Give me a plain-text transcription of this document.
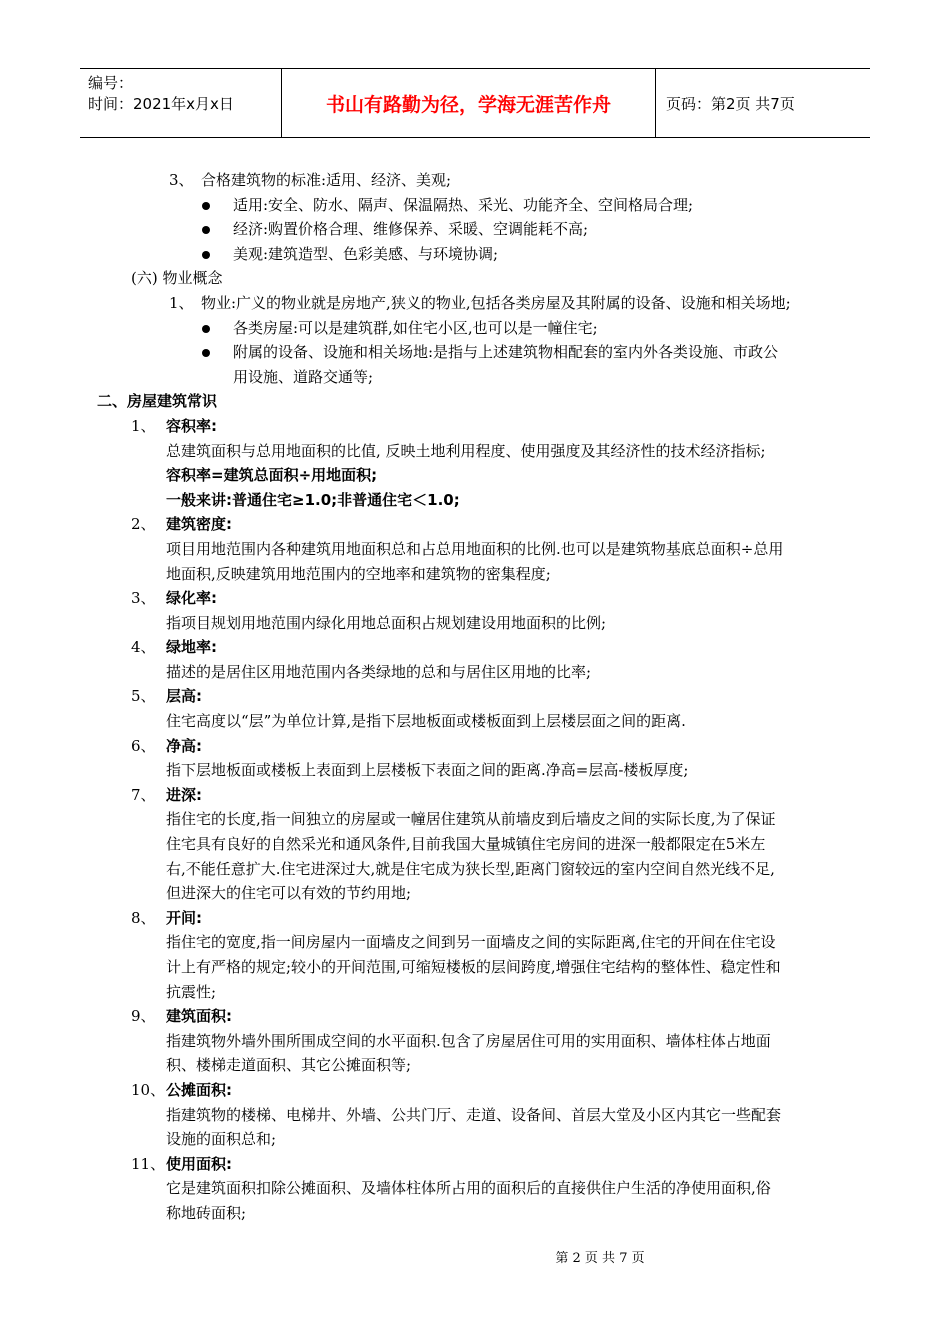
编号：
时间：2021年x月x日	书山有路勤为径，学海无涯苦作舟	页码：第2页 共7页
3、 合格建筑物的标准:适用、经济、美观;
适用:安全、防水、隔声、保温隔热、采光、功能齐全、空间格局合理;
经济:购置价格合理、维修保养、采暖、空调能耗不高;
美观:建筑造型、色彩美感、与环境协调;
(六) 物业概念
1、 物业:广义的物业就是房地产,狭义的物业,包括各类房屋及其附属的设备、设施和相关场地;
各类房屋:可以是建筑群,如住宅小区,也可以是一幢住宅;
附属的设备、设施和相关场地:是指与上述建筑物相配套的室内外各类设施、市政公
用设施、道路交通等;
二、房屋建筑常识
1、 容积率:
总建筑面积与总用地面积的比值, 反映土地利用程度、使用强度及其经济性的技术经济指标;
容积率=建筑总面积÷用地面积;
一般来讲:普通住宅≥1.0;非普通住宅＜1.0;
2、 建筑密度:
项目用地范围内各种建筑用地面积总和占总用地面积的比例.也可以是建筑物基底总面积÷总用
地面积,反映建筑用地范围内的空地率和建筑物的密集程度;
3、 绿化率:
指项目规划用地范围内绿化用地总面积占规划建设用地面积的比例;
4、 绿地率:
描述的是居住区用地范围内各类绿地的总和与居住区用地的比率;
5、 层高:
住宅高度以“层”为单位计算,是指下层地板面或楼板面到上层楼层面之间的距离.
6、 净高:
指下层地板面或楼板上表面到上层楼板下表面之间的距离.净高=层高-楼板厚度;
7、 进深:
指住宅的长度,指一间独立的房屋或一幢居住建筑从前墙皮到后墙皮之间的实际长度,为了保证
住宅具有良好的自然采光和通风条件,目前我国大量城镇住宅房间的进深一般都限定在5米左
右,不能任意扩大.住宅进深过大,就是住宅成为狭长型,距离门窗较远的室内空间自然光线不足,
但进深大的住宅可以有效的节约用地;
8、 开间:
指住宅的宽度,指一间房屋内一面墙皮之间到另一面墙皮之间的实际距离,住宅的开间在住宅设
计上有严格的规定;较小的开间范围,可缩短楼板的层间跨度,增强住宅结构的整体性、稳定性和
抗震性;
9、 建筑面积:
指建筑物外墙外围所围成空间的水平面积.包含了房屋居住可用的实用面积、墙体柱体占地面
积、楼梯走道面积、其它公摊面积等;
10、 公摊面积:
指建筑物的楼梯、电梯井、外墙、公共门厅、走道、设备间、首层大堂及小区内其它一些配套
设施的面积总和;
11、 使用面积:
它是建筑面积扣除公摊面积、及墙体柱体所占用的面积后的直接供住户生活的净使用面积,俗
称地砖面积;
第 2 页 共 7 页
